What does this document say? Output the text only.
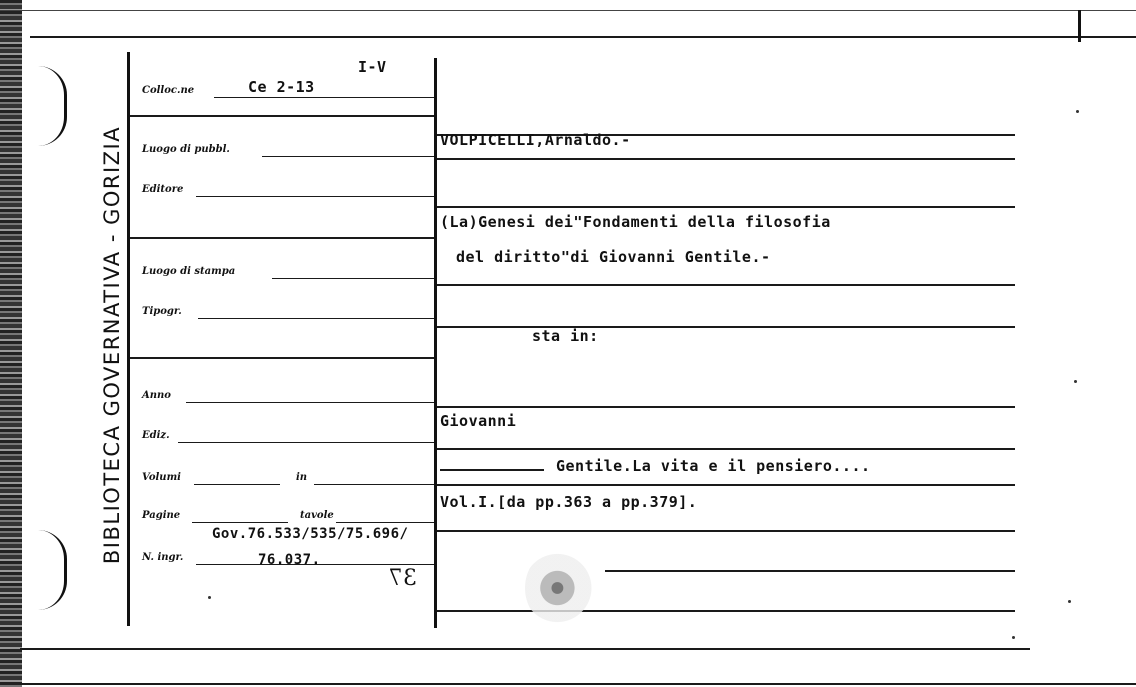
BIBLIOTECA GOVERNATIVA - GORIZIA
Colloc.ne	Ce 2-13
I-V
Luogo di pubbl.
Editore
Luogo di stampa
Tipogr.
Anno
Ediz.
Volumi	in
Pagine	tavole
N. ingr.
Gov.76.533/535/75.696/
76.037.
37
VOLPICELLI,Arnaldo.-
(La)Genesi dei"Fondamenti della filosofia
del diritto"di Giovanni Gentile.-
sta in:
Giovanni
Gentile.La vita e il pensiero....
Vol.I.[da pp.363 a pp.379].
